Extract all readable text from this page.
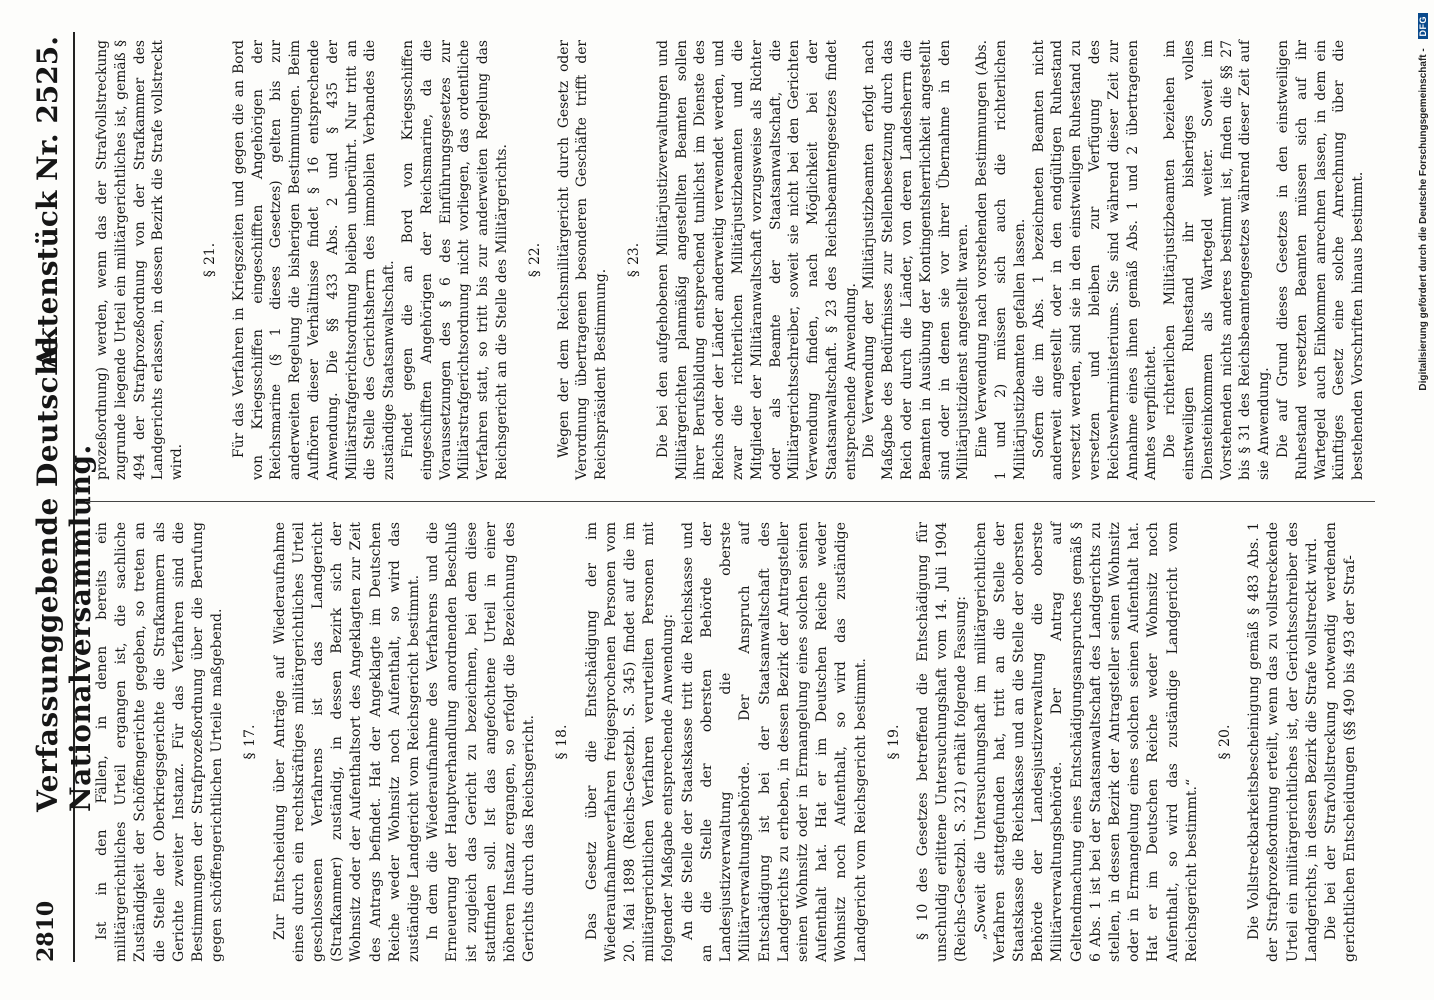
2810
Verfassunggebende Deutsche Nationalversammlung.
Aktenstück Nr. 2525.

Ist in den Fällen, in denen bereits ein militärgerichtliches Urteil ergangen ist, die sachliche Zuständigkeit der Schöffengerichte gegeben, so treten an die Stelle der Oberkriegsgerichte die Strafkammern als Gerichte zweiter Instanz. Für das Verfahren sind die Bestimmungen der Strafprozeßordnung über die Berufung gegen schöffengerichtlichen Urteile maßgebend. § 17. Zur Entscheidung über Anträge auf Wiederaufnahme eines durch ein rechtskräftiges militärgerichtliches Urteil geschlossenen Verfahrens ist das Landgericht (Strafkammer) zuständig, in dessen Bezirk sich der Wohnsitz oder der Aufenthaltsort des Angeklagten zur Zeit des Antrags befindet. Hat der Angeklagte im Deutschen Reiche weder Wohnsitz noch Aufenthalt, so wird das zuständige Landgericht vom Reichsgericht bestimmt. In dem die Wiederaufnahme des Verfahrens und die Erneuerung der Hauptverhandlung anordnenden Beschluß ist zugleich das Gericht zu bezeichnen, bei dem diese stattfinden soll. Ist das angefochtene Urteil in einer höheren Instanz ergangen, so erfolgt die Bezeichnung des Gerichts durch das Reichsgericht. § 18. Das Gesetz über die Entschädigung der im Wiederaufnahmeverfahren freigesprochenen Personen vom 20. Mai 1898 (Reichs-Gesetzbl. S. 345) findet auf die im militärgerichtlichen Verfahren verurteilten Personen mit folgender Maßgabe entsprechende Anwendung: An die Stelle der Staatskasse tritt die Reichskasse und an die Stelle der obersten Behörde der Landesjustizverwaltung die oberste Militärverwaltungsbehörde. Der Anspruch auf Entschädigung ist bei der Staatsanwaltschaft des Landgerichts zu erheben, in dessen Bezirk der Antragsteller seinen Wohnsitz oder in Ermangelung eines solchen seinen Aufenthalt hat. Hat er im Deutschen Reiche weder Wohnsitz noch Aufenthalt, so wird das zuständige Landgericht vom Reichsgericht bestimmt. § 19. § 10 des Gesetzes betreffend die Entschädigung für unschuldig erlittene Untersuchungshaft vom 14. Juli 1904 (Reichs-Gesetzbl. S. 321) erhält folgende Fassung: „Soweit die Untersuchungshaft im militärgerichtlichen Verfahren stattgefunden hat, tritt an die Stelle der Staatskasse die Reichskasse und an die Stelle der obersten Behörde der Landesjustizverwaltung die oberste Militärverwaltungsbehörde. Der Antrag auf Geltendmachung eines Entschädigungsanspruches gemäß § 6 Abs. 1 ist bei der Staatsanwaltschaft des Landgerichts zu stellen, in dessen Bezirk der Antragsteller seinen Wohnsitz oder in Ermangelung eines solchen seinen Aufenthalt hat. Hat er im Deutschen Reiche weder Wohnsitz noch Aufenthalt, so wird das zuständige Landgericht vom Reichsgericht bestimmt.“

§ 20. Die Vollstreckbarkeitsbescheinigung gemäß § 483 Abs. 1 der Strafprozeßordnung erteilt, wenn das zu vollstreckende Urteil ein militärgerichtliches ist, der Gerichtsschreiber des Landgerichts, in dessen Bezirk die Strafe vollstreckt wird. Die bei der Strafvollstreckung notwendig werdenden gerichtlichen Entscheidungen (§§ 490 bis 493 der Straf-

prozeßordnung) werden, wenn das der Strafvollstreckung zugrunde liegende Urteil ein militärgerichtliches ist, gemäß § 494 der Strafprozeßordnung von der Strafkammer des Landgerichts erlassen, in dessen Bezirk die Strafe vollstreckt wird.

§ 21. Für das Verfahren in Kriegszeiten und gegen die an Bord von Kriegsschiffen eingeschifften Angehörigen der Reichsmarine (§ 1 dieses Gesetzes) gelten bis zur anderweiten Regelung die bisherigen Bestimmungen. Beim Aufhören dieser Verhältnisse findet § 16 entsprechende Anwendung. Die §§ 433 Abs. 2 und § 435 der Militärstrafgerichtsordnung bleiben unberührt. Nur tritt an die Stelle des Gerichtsherrn des immobilen Verbandes die zuständige Staatsanwaltschaft. Findet gegen die an Bord von Kriegsschiffen eingeschifften Angehörigen der Reichsmarine, da die Voraussetzungen des § 6 des Einführungsgesetzes zur Militärstrafgerichtsordnung nicht vorliegen, das ordentliche Verfahren statt, so tritt bis zur anderweiten Regelung das Reichsgericht an die Stelle des Militärgerichts. § 22. Wegen der dem Reichsmilitärgericht durch Gesetz oder Verordnung übertragenen besonderen Geschäfte trifft der Reichspräsident Bestimmung.

§ 23. Die bei den aufgehobenen Militärjustizverwaltungen und Militärgerichten planmäßig angestellten Beamten sollen ihrer Berufsbildung entsprechend tunlichst im Dienste des Reichs oder der Länder anderweitig verwendet werden, und zwar die richterlichen Militärjustizbeamten und die Mitglieder der Militäranwaltschaft vorzugsweise als Richter oder als Beamte der Staatsanwaltschaft, die Militärgerichtsschreiber, soweit sie nicht bei den Gerichten Verwendung finden, nach Möglichkeit bei der Staatsanwaltschaft. § 23 des Reichsbeamtengesetzes findet entsprechende Anwendung. Die Verwendung der Militärjustizbeamten erfolgt nach Maßgabe des Bedürfnisses zur Stellenbesetzung durch das Reich oder durch die Länder, von deren Landesherrn die Beamten in Ausübung der Kontingentsherrlichkeit angestellt sind oder in denen sie vor ihrer Übernahme in den Militärjustizdienst angestellt waren. Eine Verwendung nach vorstehenden Bestimmungen (Abs. 1 und 2) müssen sich auch die richterlichen Militärjustizbeamten gefallen lassen. Sofern die im Abs. 1 bezeichneten Beamten nicht anderweit angestellt oder in den endgültigen Ruhestand versetzt werden, sind sie in den einstweiligen Ruhestand zu versetzen und bleiben zur Verfügung des Reichswehrministeriums. Sie sind während dieser Zeit zur Annahme eines ihnen gemäß Abs. 1 und 2 übertragenen Amtes verpflichtet. Die richterlichen Militärjustizbeamten beziehen im einstweiligen Ruhestand ihr bisheriges volles Diensteinkommen als Wartegeld weiter. Soweit im Vorstehenden nichts anderes bestimmt ist, finden die §§ 27 bis § 31 des Reichsbeamtengesetzes während dieser Zeit auf sie Anwendung. Die auf Grund dieses Gesetzes in den einstweiligen Ruhestand versetzten Beamten müssen sich auf ihr Wartegeld auch Einkommen anrechnen lassen, in dem ein künftiges Gesetz eine solche Anrechnung über die bestehenden Vorschriften hinaus bestimmt.	Digitalisierung gefördert durch die Deutsche Forschungsgemeinschaft - DFG
